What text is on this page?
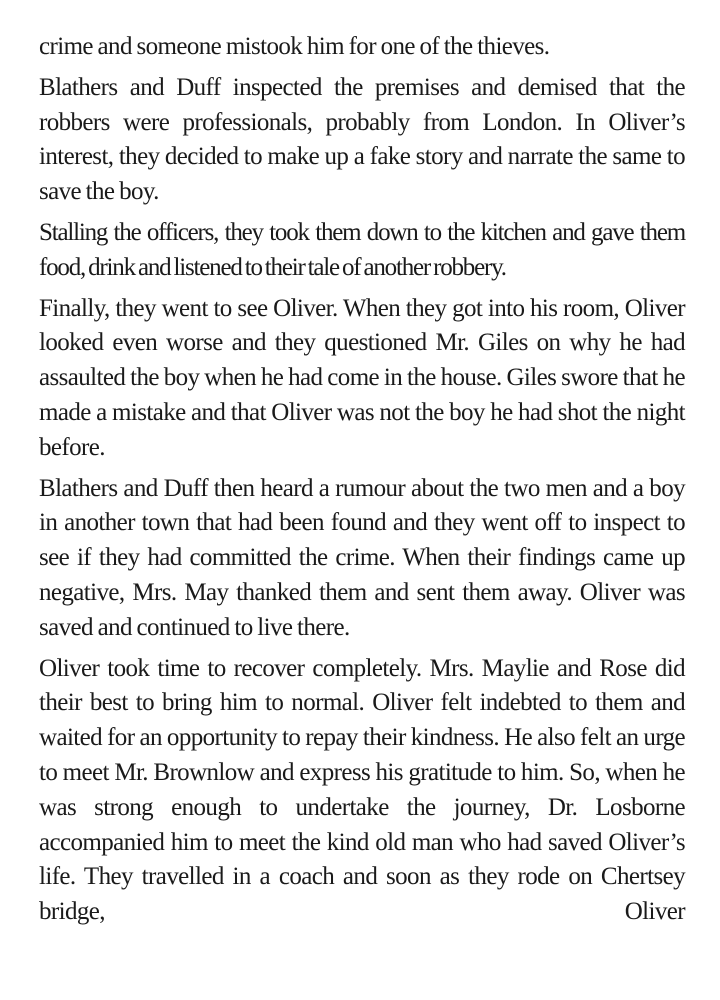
crime and someone mistook him for one of the thieves.

Blathers and Duff inspected the premises and demised that the robbers were professionals, probably from London. In Oliver’s interest, they decided to make up a fake story and narrate the same to save the boy.

Stalling the officers, they took them down to the kitchen and gave them food, drink and listened to their tale of another robbery.

Finally, they went to see Oliver. When they got into his room, Oliver looked even worse and they questioned Mr. Giles on why he had assaulted the boy when he had come in the house. Giles swore that he made a mistake and that Oliver was not the boy he had shot the night before.

Blathers and Duff then heard a rumour about the two men and a boy in another town that had been found and they went off to inspect to see if they had committed the crime. When their findings came up negative, Mrs. May thanked them and sent them away. Oliver was saved and continued to live there.

Oliver took time to recover completely. Mrs. Maylie and Rose did their best to bring him to normal. Oliver felt indebted to them and waited for an opportunity to repay their kindness. He also felt an urge to meet Mr. Brownlow and express his gratitude to him. So, when he was strong enough to undertake the journey, Dr. Losborne accompanied him to meet the kind old man who had saved Oliver’s life. They travelled in a coach and soon as they rode on Chertsey bridge, Oliver
